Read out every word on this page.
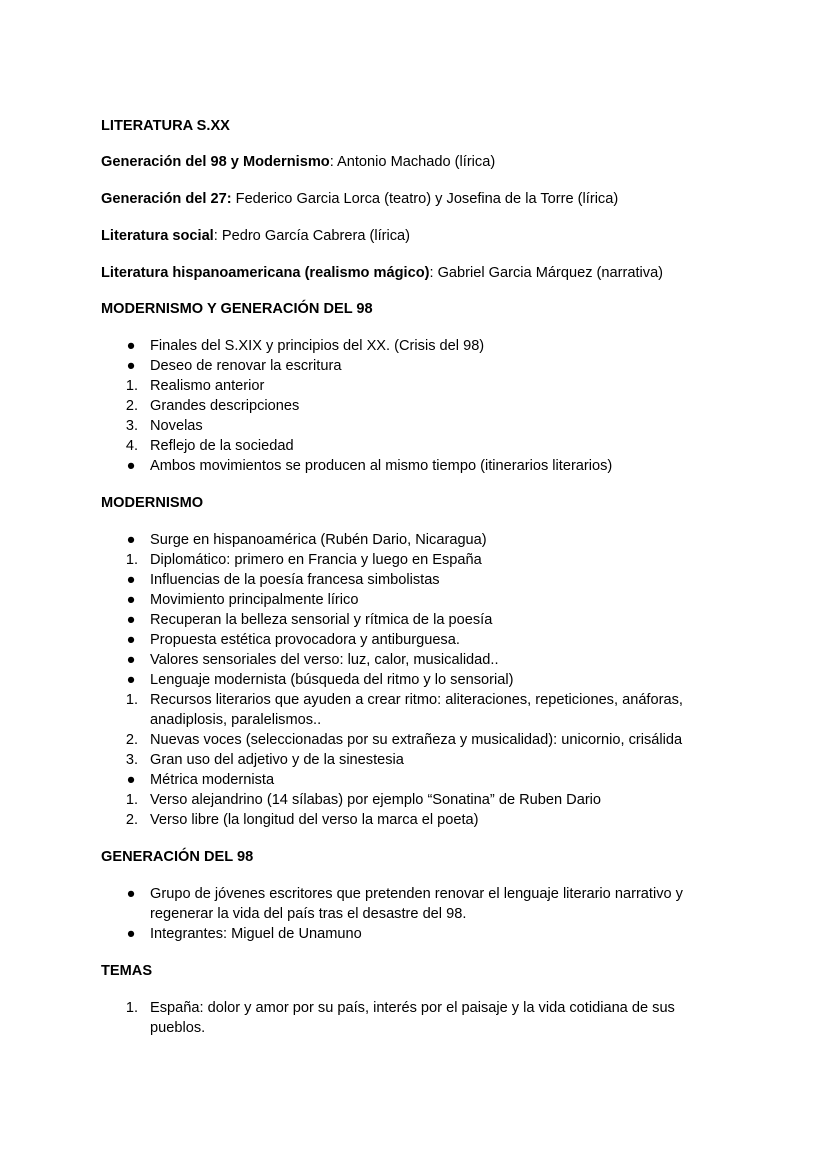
LITERATURA S.XX

Generación del 98 y Modernismo: Antonio Machado (lírica)

Generación del 27: Federico Garcia Lorca (teatro) y Josefina de la Torre (lírica)

Literatura social: Pedro García Cabrera (lírica)

Literatura hispanoamericana (realismo mágico): Gabriel Garcia Márquez (narrativa)

MODERNISMO Y GENERACIÓN DEL 98

● Finales del S.XIX y principios del XX. (Crisis del 98)
● Deseo de renovar la escritura
1. Realismo anterior
2. Grandes descripciones
3. Novelas
4. Reflejo de la sociedad
● Ambos movimientos se producen al mismo tiempo (itinerarios literarios)

MODERNISMO

● Surge en hispanoamérica (Rubén Dario, Nicaragua)
1. Diplomático: primero en Francia y luego en España
● Influencias de la poesía francesa simbolistas
● Movimiento principalmente lírico
● Recuperan la belleza sensorial y rítmica de la poesía
● Propuesta estética provocadora y antiburguesa.
● Valores sensoriales del verso: luz, calor, musicalidad..
● Lenguaje modernista (búsqueda del ritmo y lo sensorial)
1. Recursos literarios que ayuden a crear ritmo: aliteraciones, repeticiones, anáforas, anadiplosis, paralelismos..
2. Nuevas voces (seleccionadas por su extrañeza y musicalidad): unicornio, crisálida
3. Gran uso del adjetivo y de la sinestesia
● Métrica modernista
1. Verso alejandrino (14 sílabas) por ejemplo “Sonatina” de Ruben Dario
2. Verso libre (la longitud del verso la marca el poeta)

GENERACIÓN DEL 98

● Grupo de jóvenes escritores que pretenden renovar el lenguaje literario narrativo y regenerar la vida del país tras el desastre del 98.
● Integrantes: Miguel de Unamuno

TEMAS

1. España: dolor y amor por su país, interés por el paisaje y la vida cotidiana de sus pueblos.
